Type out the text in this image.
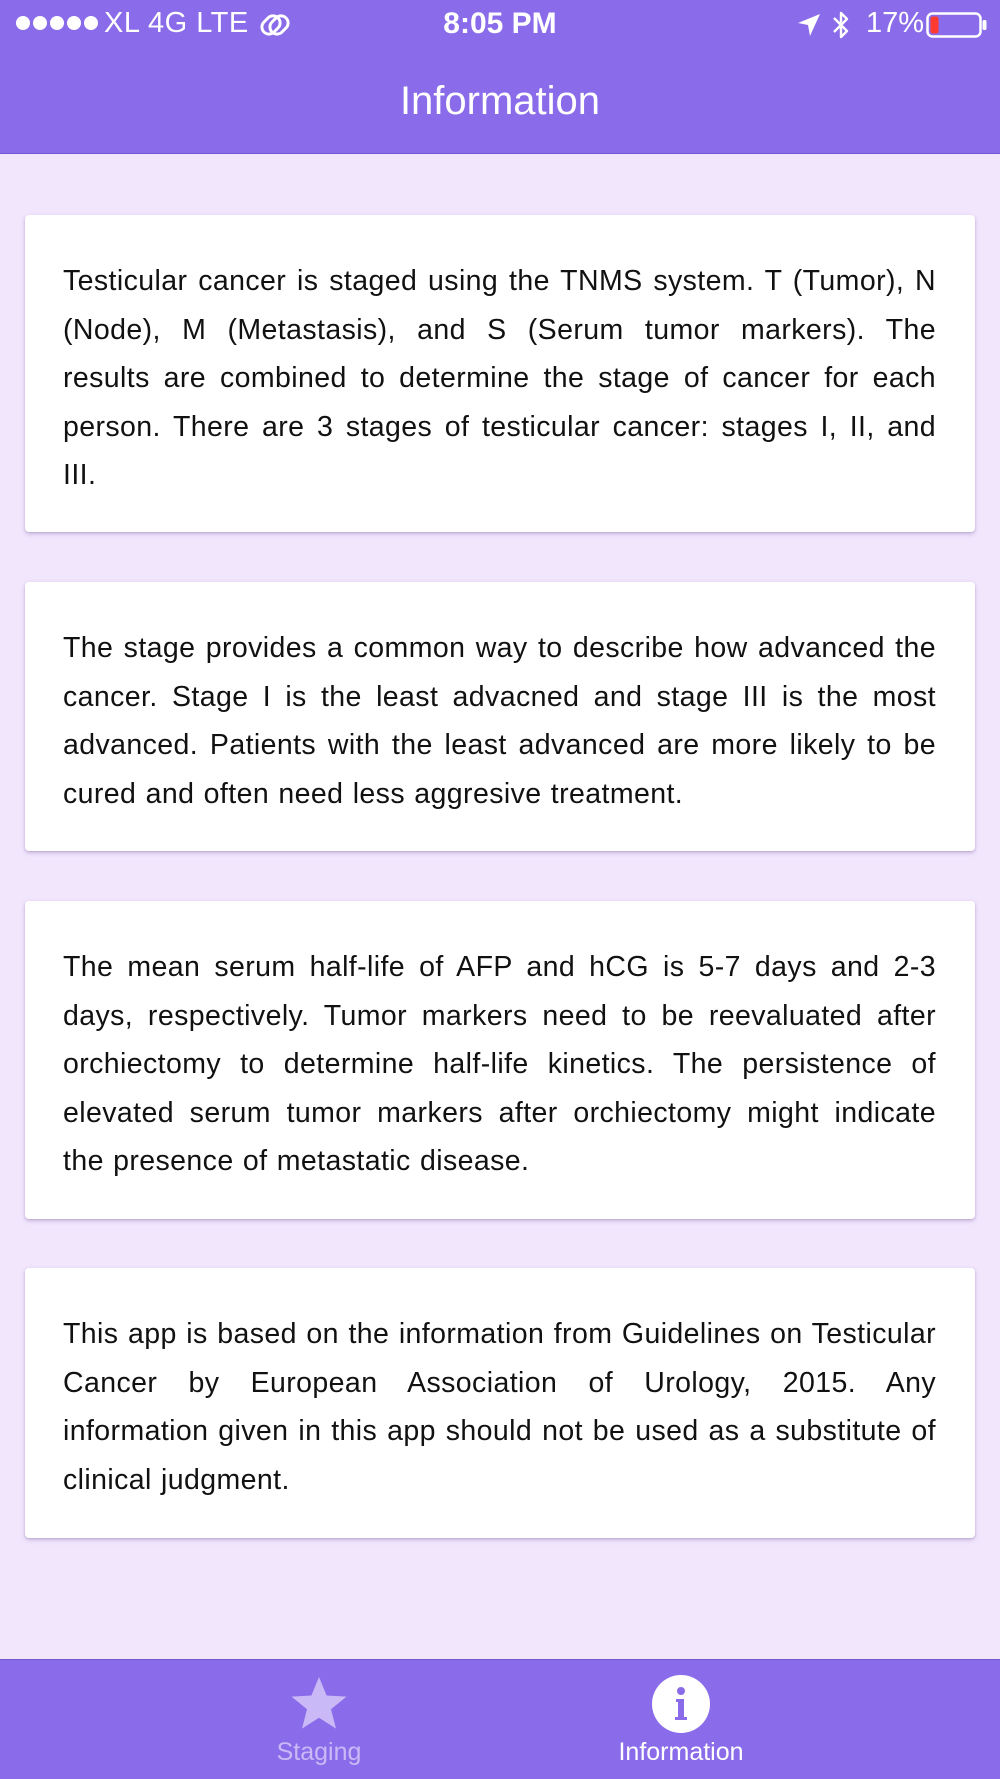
XL 4G LTE	8:05 PM	17%
Information

Testicular cancer is staged using the TNMS system. T (Tumor), N (Node), M (Metastasis), and S (Serum tumor markers). The results are combined to determine the stage of cancer for each person. There are 3 stages of testicular cancer: stages I, II, and III.

The stage provides a common way to describe how advanced the cancer. Stage I is the least advacned and stage III is the most advanced. Patients with the least advanced are more likely to be cured and often need less aggresive treatment.

The mean serum half-life of AFP and hCG is 5-7 days and 2-3 days, respectively. Tumor markers need to be reevaluated after orchiectomy to determine half-life kinetics. The persistence of elevated serum tumor markers after orchiectomy might indicate the presence of metastatic disease.

This app is based on the information from Guidelines on Testicular Cancer by European Association of Urology, 2015. Any information given in this app should not be used as a substitute of clinical judgment.

Staging	Information
